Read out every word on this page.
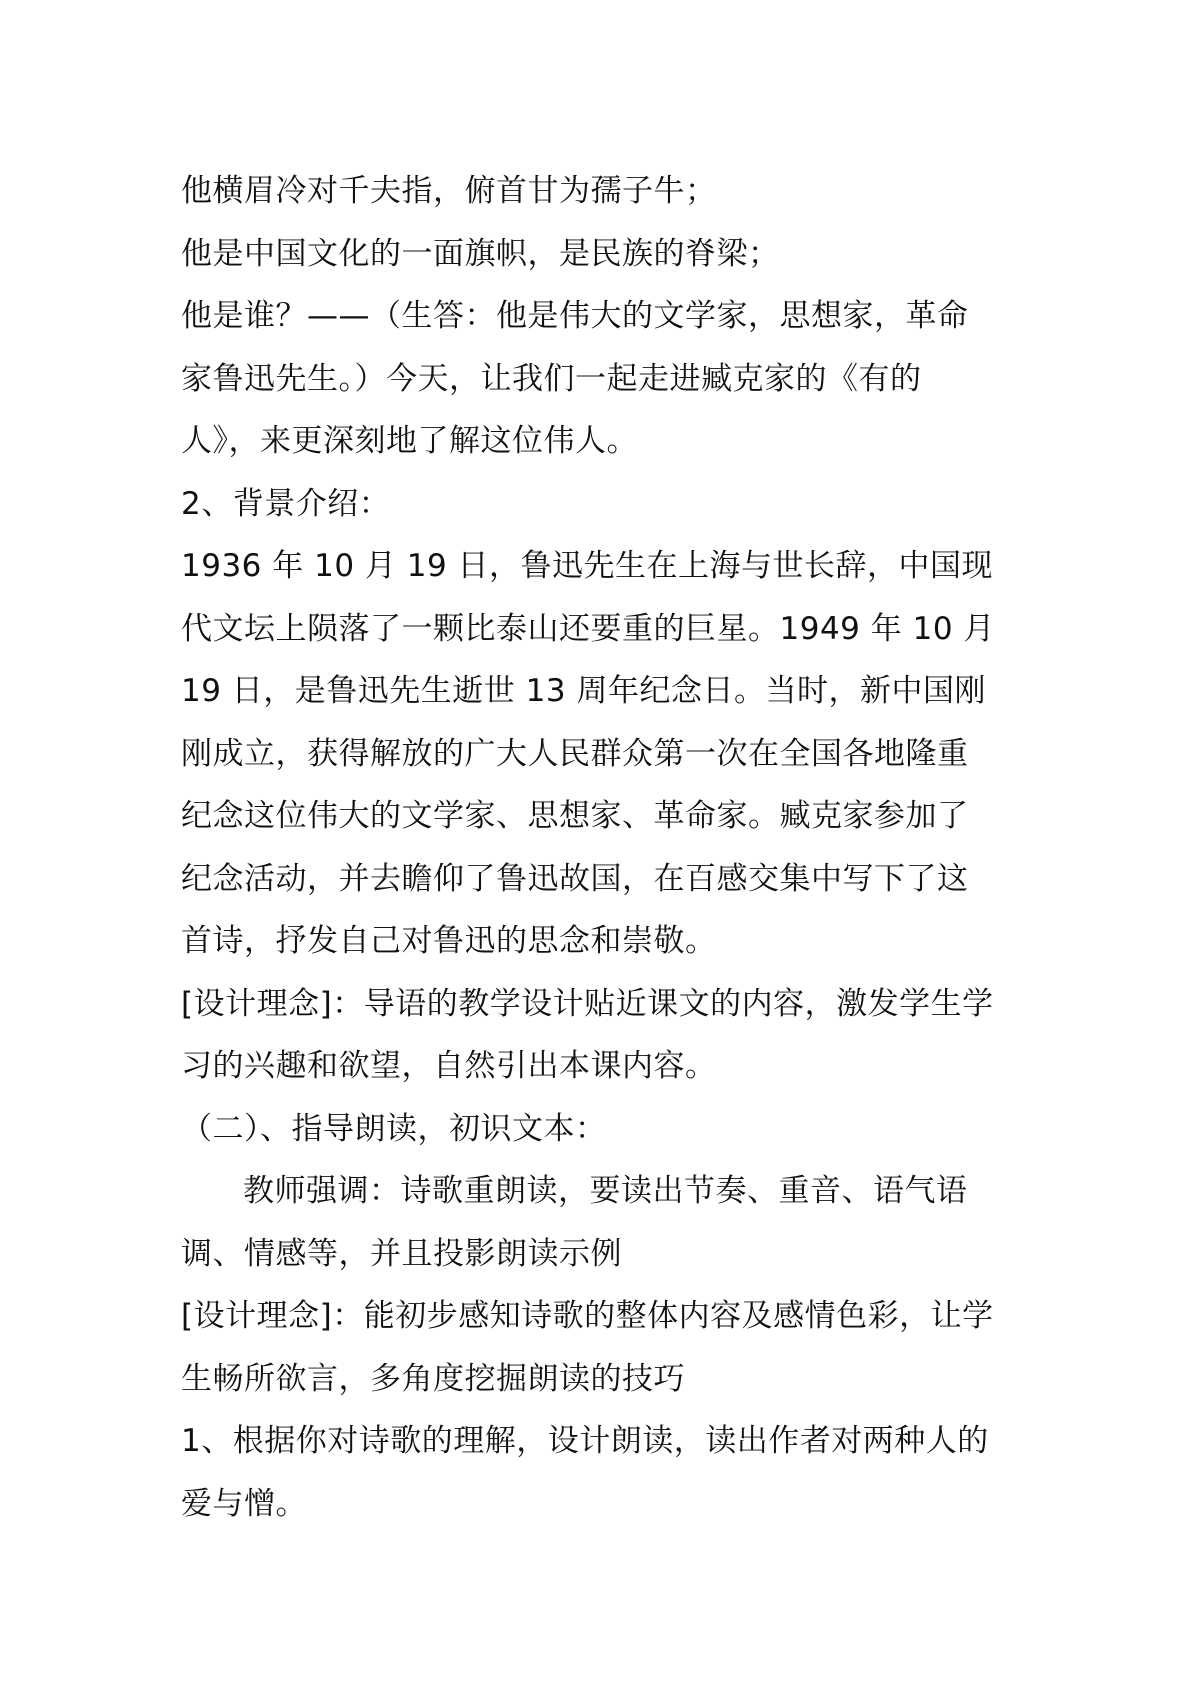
他横眉冷对千夫指，俯首甘为孺子牛；
他是中国文化的一面旗帜，是民族的脊梁；
他是谁？——（生答：他是伟大的文学家，思想家，革命
家鲁迅先生。）今天，让我们一起走进臧克家的《有的
人》，来更深刻地了解这位伟人。
2、背景介绍：
1936 年 10 月 19 日，鲁迅先生在上海与世长辞，中国现
代文坛上陨落了一颗比泰山还要重的巨星。1949 年 10 月
19 日，是鲁迅先生逝世 13 周年纪念日。当时，新中国刚
刚成立，获得解放的广大人民群众第一次在全国各地隆重
纪念这位伟大的文学家、思想家、革命家。臧克家参加了
纪念活动，并去瞻仰了鲁迅故国，在百感交集中写下了这
首诗，抒发自己对鲁迅的思念和崇敬。
[设计理念]：导语的教学设计贴近课文的内容，激发学生学
习的兴趣和欲望，自然引出本课内容。
（二）、指导朗读，初识文本：
教师强调：诗歌重朗读，要读出节奏、重音、语气语
调、情感等，并且投影朗读示例
[设计理念]：能初步感知诗歌的整体内容及感情色彩，让学
生畅所欲言，多角度挖掘朗读的技巧
1、根据你对诗歌的理解，设计朗读，读出作者对两种人的
爱与憎。
